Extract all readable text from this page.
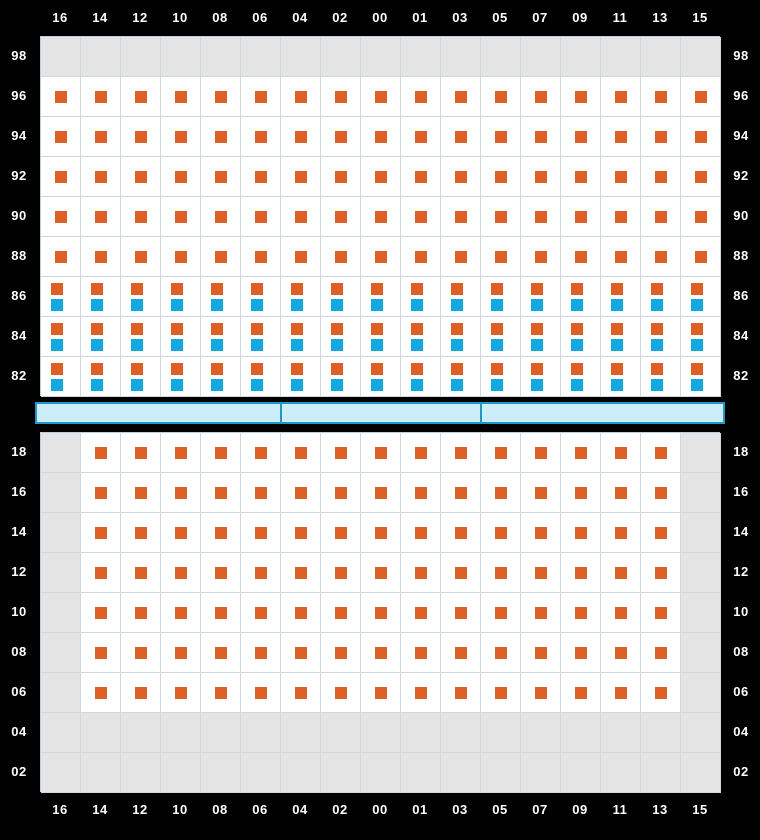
16	14	12	10	08	06	04	02	00	01	03	05	07	09	11	13	15
16	14	12	10	08	06	04	02	00	01	03	05	07	09	11	13	15
98
96
94
92
90
88
86
84
82
98
96
94
92
90
88
86
84
82
18
16
14
12
10
08
06
04
02
18
16
14
12
10
08
06
04
02
